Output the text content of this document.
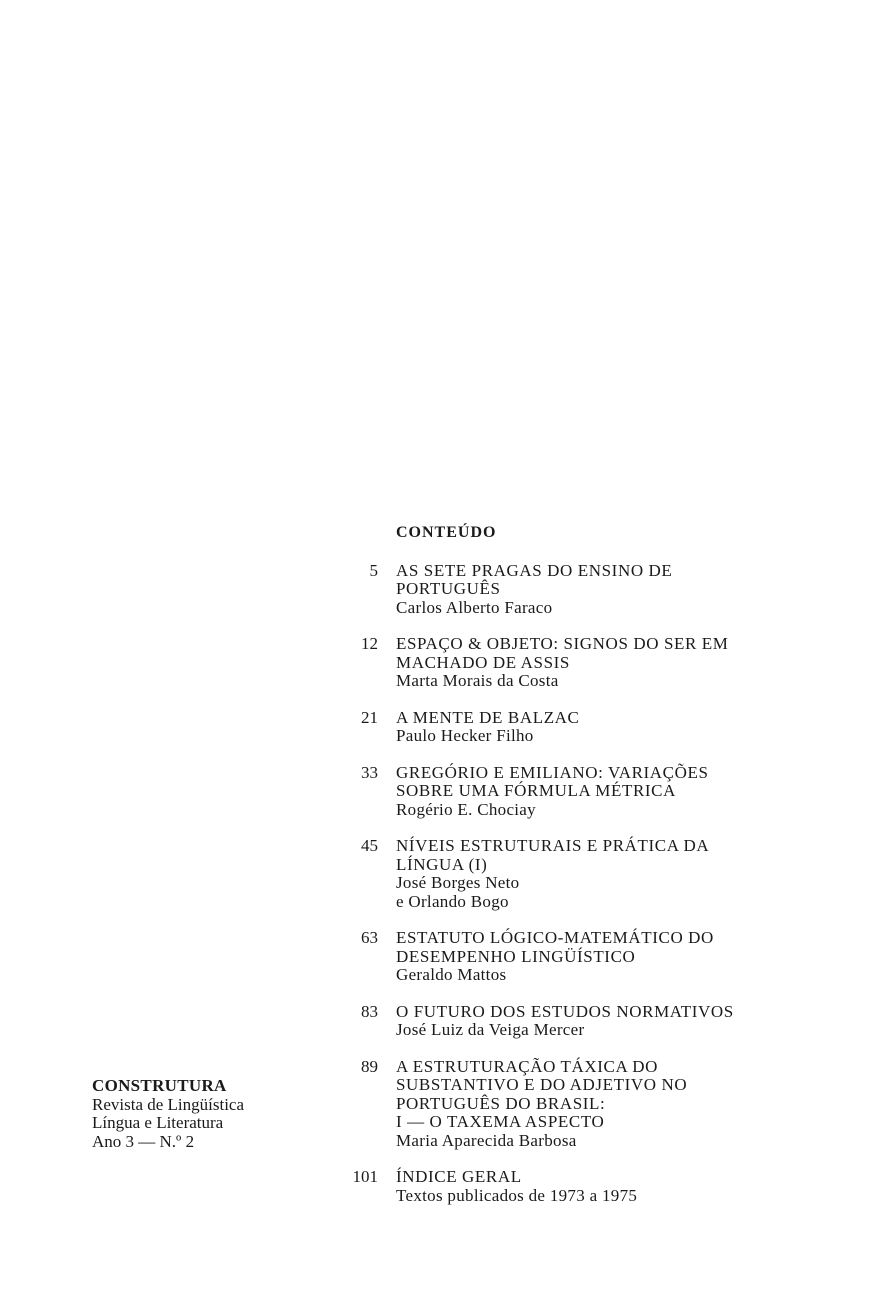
CONTEÚDO
5	AS SETE PRAGAS DO ENSINO DE
PORTUGUÊS
Carlos Alberto Faraco
12	ESPAÇO & OBJETO: SIGNOS DO SER EM
MACHADO DE ASSIS
Marta Morais da Costa
21	A MENTE DE BALZAC
Paulo Hecker Filho
33	GREGÓRIO E EMILIANO: VARIAÇÕES
SOBRE UMA FÓRMULA MÉTRICA
Rogério E. Chociay
45	NÍVEIS ESTRUTURAIS E PRÁTICA DA
LÍNGUA (I)
José Borges Neto
e Orlando Bogo
63	ESTATUTO LÓGICO-MATEMÁTICO DO
DESEMPENHO LINGÜÍSTICO
Geraldo Mattos
83	O FUTURO DOS ESTUDOS NORMATIVOS
José Luiz da Veiga Mercer
89	A ESTRUTURAÇÃO TÁXICA DO
SUBSTANTIVO E DO ADJETIVO NO
PORTUGUÊS DO BRASIL:
I — O TAXEMA ASPECTO
Maria Aparecida Barbosa
101	ÍNDICE GERAL
Textos publicados de 1973 a 1975
CONSTRUTURA
Revista de Lingüística
Língua e Literatura
Ano 3 — N.º 2
